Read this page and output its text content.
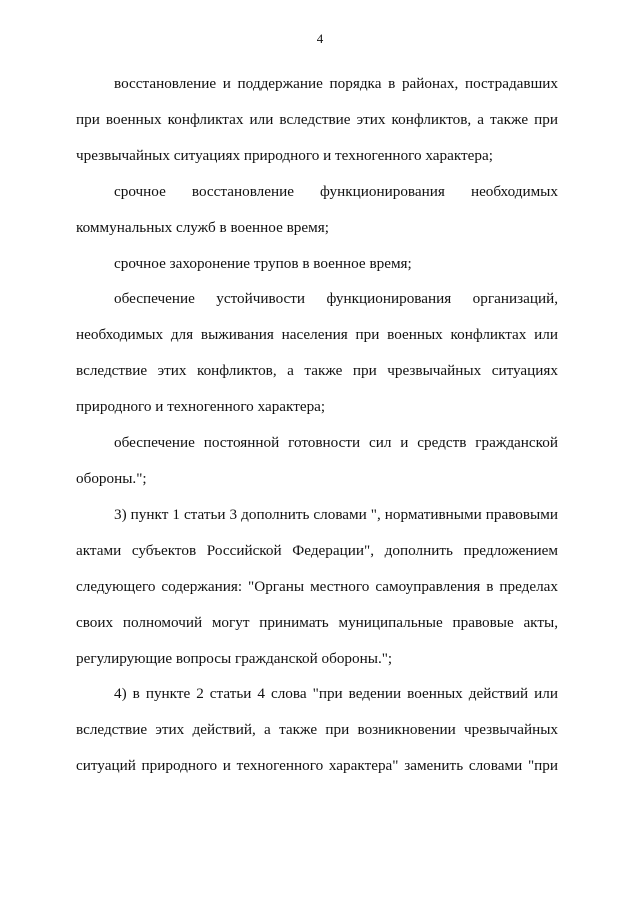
4

восстановление и поддержание порядка в районах, пострадавших при военных конфликтах или вследствие этих конфликтов, а также при чрезвычайных ситуациях природного и техногенного характера;

срочное восстановление функционирования необходимых коммунальных служб в военное время;

срочное захоронение трупов в военное время;

обеспечение устойчивости функционирования организаций, необходимых для выживания населения при военных конфликтах или вследствие этих конфликтов, а также при чрезвычайных ситуациях природного и техногенного характера;

обеспечение постоянной готовности сил и средств гражданской обороны.";

3) пункт 1 статьи 3 дополнить словами ", нормативными правовыми актами субъектов Российской Федерации", дополнить предложением следующего содержания: "Органы местного самоуправления в пределах своих полномочий могут принимать муниципальные правовые акты, регулирующие вопросы гражданской обороны.";

4) в пункте 2 статьи 4 слова "при ведении военных действий или вследствие этих действий, а также при возникновении чрезвычайных ситуаций природного и техногенного характера" заменить словами "при
